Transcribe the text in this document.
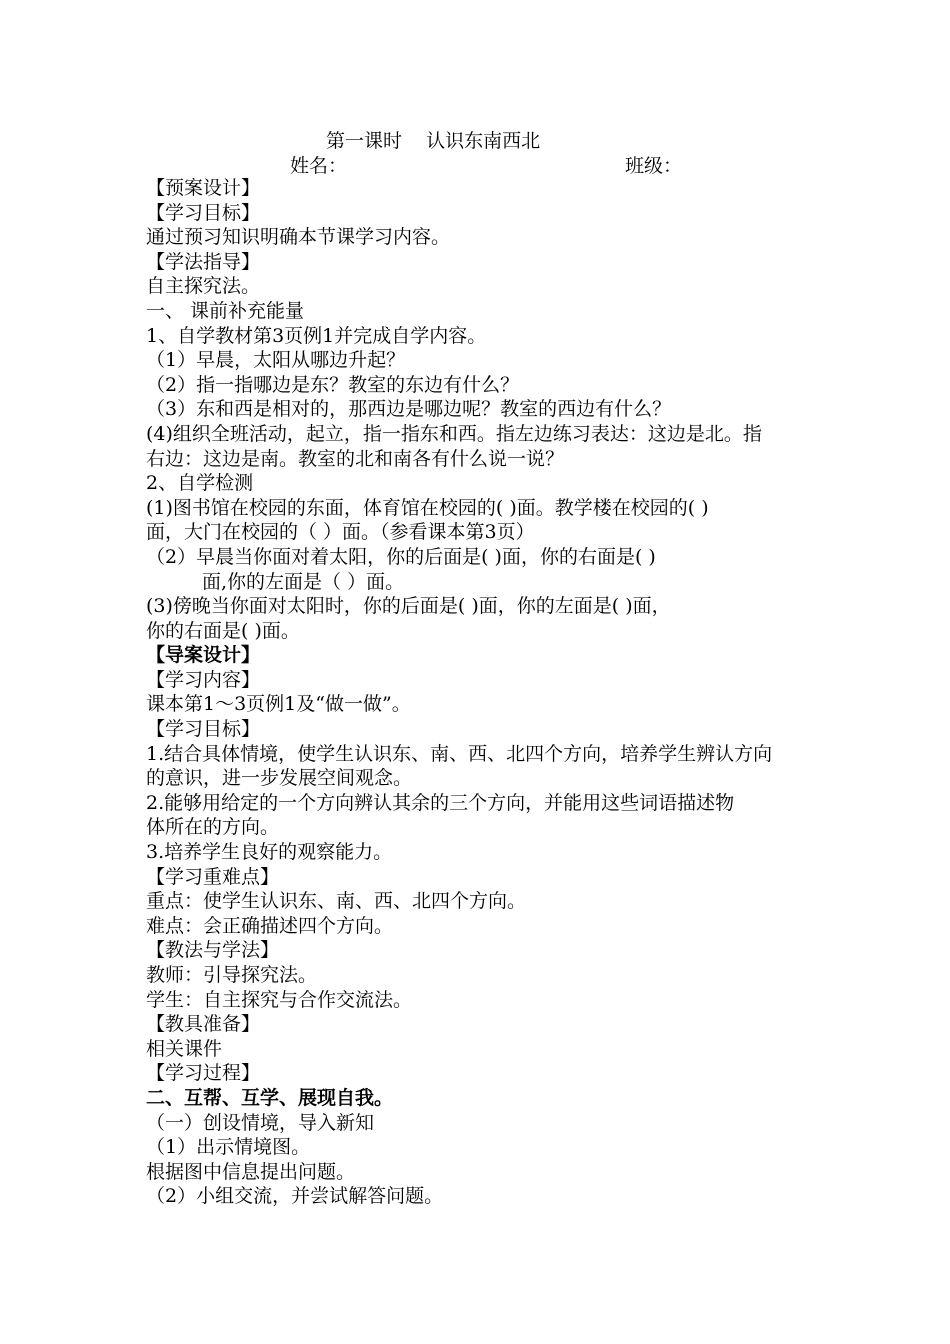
第一课时    认识东南西北
姓名：	班级：

【预案设计】

【学习目标】

通过预习知识明确本节课学习内容。

【学法指导】

自主探究法。

一、 课前补充能量

1、自学教材第3页例1并完成自学内容。

（1）早晨，太阳从哪边升起？

（2）指一指哪边是东？教室的东边有什么？

（3）东和西是相对的，那西边是哪边呢？教室的西边有什么？

(4)组织全班活动，起立，指一指东和西。指左边练习表达：这边是北。指

右边：这边是南。教室的北和南各有什么说一说？

2、自学检测

(1)图书馆在校园的东面，体育馆在校园的( )面。教学楼在校园的( )

面，大门在校园的（ ）面。（参看课本第3页）

（2）早晨当你面对着太阳，你的后面是( )面，你的右面是( )

面,你的左面是（ ）面。

(3)傍晚当你面对太阳时，你的后面是( )面，你的左面是( )面，

你的右面是( )面。

【导案设计】

【学习内容】

课本第1～3页例1及“做一做”。

【学习目标】

1.结合具体情境，使学生认识东、南、西、北四个方向，培养学生辨认方向

的意识，进一步发展空间观念。

2.能够用给定的一个方向辨认其余的三个方向，并能用这些词语描述物

体所在的方向。

3.培养学生良好的观察能力。

【学习重难点】

重点：使学生认识东、南、西、北四个方向。

难点：会正确描述四个方向。

【教法与学法】

教师：引导探究法。

学生：自主探究与合作交流法。

【教具准备】

相关课件

【学习过程】

二、互帮、互学、展现自我。

（一）创设情境，导入新知

（1）出示情境图。

根据图中信息提出问题。

（2）小组交流，并尝试解答问题。
